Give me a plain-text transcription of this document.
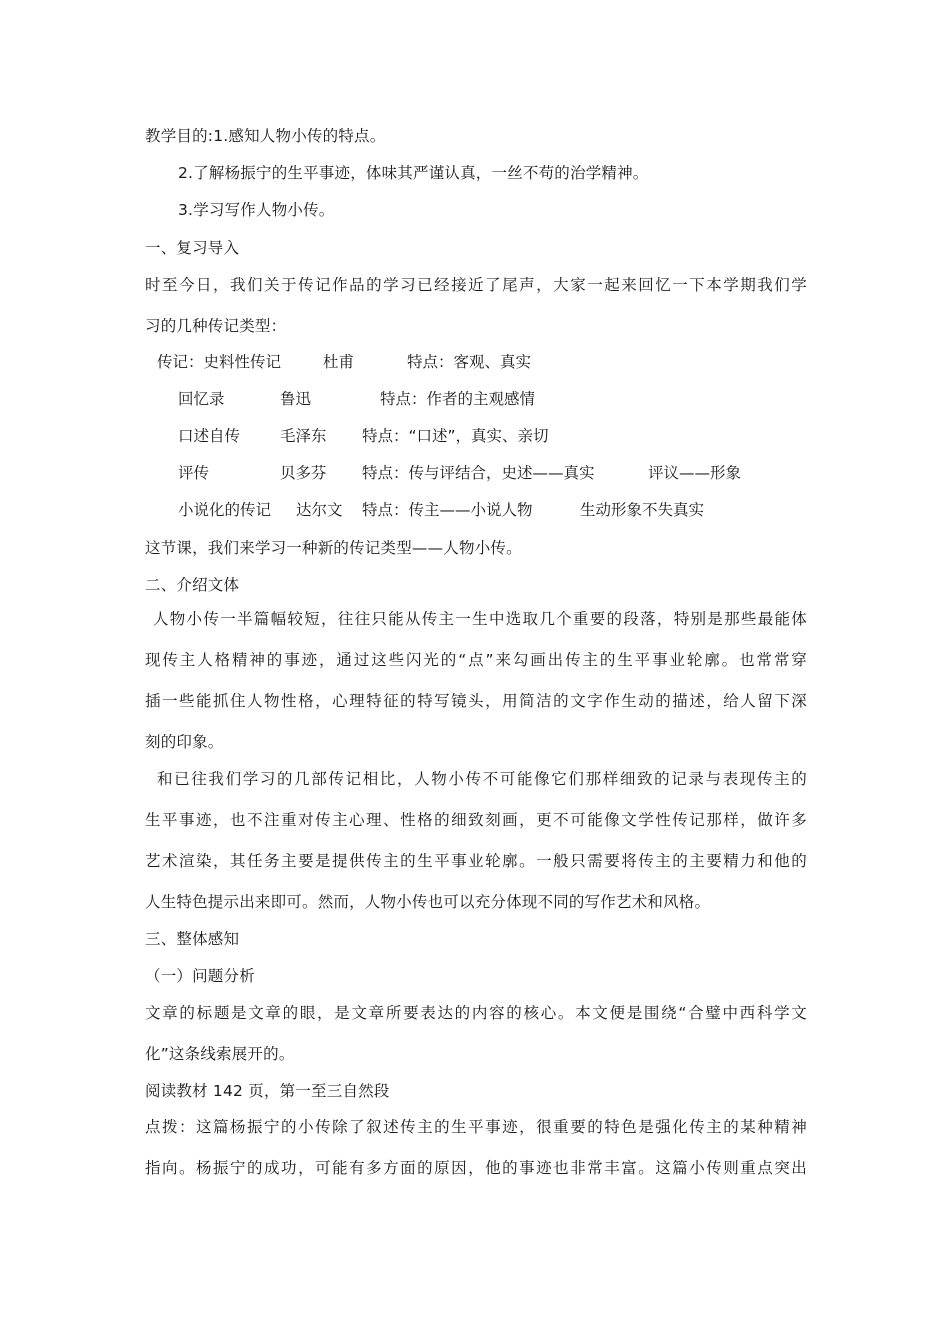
教学目的:1.感知人物小传的特点。
2.了解杨振宁的生平事迹，体味其严谨认真，一丝不苟的治学精神。
3.学习写作人物小传。
一、复习导入
时至今日，我们关于传记作品的学习已经接近了尾声，大家一起来回忆一下本学期我们学
习的几种传记类型：
传记：史料性传记	杜甫	特点：客观、真实
回忆录	鲁迅	特点：作者的主观感情
口述自传	毛泽东 特点：“口述”，真实、亲切
评传	贝多芬 特点：传与评结合，史述——真实	评议——形象
小说化的传记 达尔文 特点：传主——小说人物	生动形象不失真实
这节课，我们来学习一种新的传记类型——人物小传。
二、介绍文体
人物小传一半篇幅较短，往往只能从传主一生中选取几个重要的段落，特别是那些最能体
现传主人格精神的事迹，通过这些闪光的“点”来勾画出传主的生平事业轮廓。也常常穿
插一些能抓住人物性格，心理特征的特写镜头，用简洁的文字作生动的描述，给人留下深
刻的印象。
和已往我们学习的几部传记相比，人物小传不可能像它们那样细致的记录与表现传主的
生平事迹，也不注重对传主心理、性格的细致刻画，更不可能像文学性传记那样，做许多
艺术渲染，其任务主要是提供传主的生平事业轮廓。一般只需要将传主的主要精力和他的
人生特色提示出来即可。然而，人物小传也可以充分体现不同的写作艺术和风格。
三、整体感知
（一）问题分析
文章的标题是文章的眼，是文章所要表达的内容的核心。本文便是围绕“合璧中西科学文
化”这条线索展开的。
阅读教材 142 页，第一至三自然段
点拨：这篇杨振宁的小传除了叙述传主的生平事迹，很重要的特色是强化传主的某种精神
指向。杨振宁的成功，可能有多方面的原因，他的事迹也非常丰富。这篇小传则重点突出
